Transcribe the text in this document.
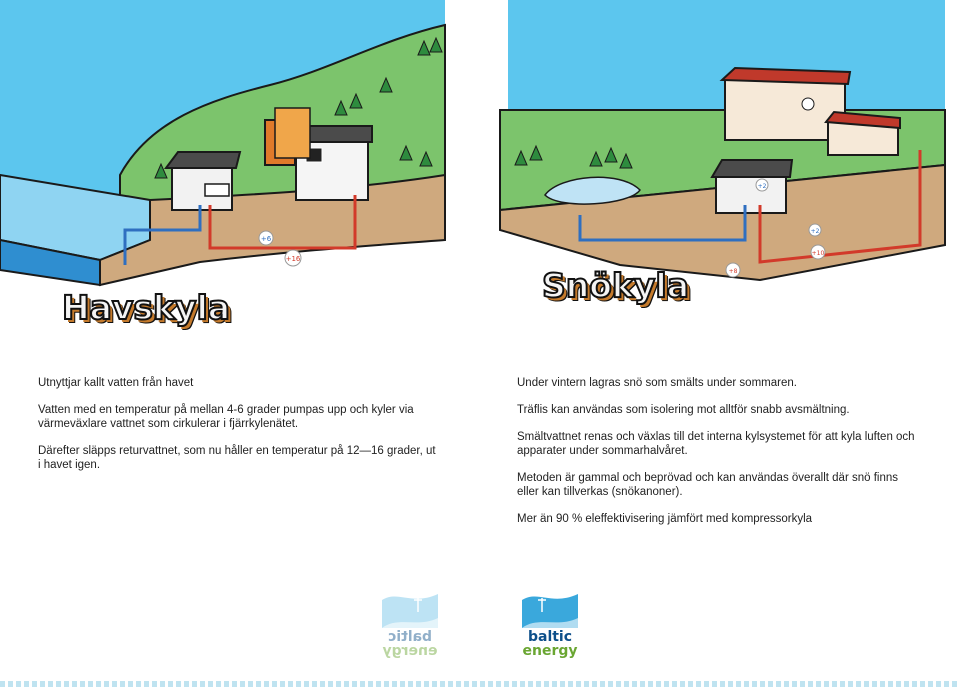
+6
+16
+2
+2
+10
+8
Havskyla
Snökyla

Utnyttjar kallt vatten från havet

Vatten med en temperatur på mellan 4-6 grader pumpas upp och kyler via värmeväxlare vattnet som cirkulerar i fjärrkylenätet.

Därefter släpps returvattnet, som nu håller en temperatur på 12—16 grader, ut i havet igen.

Under vintern lagras snö som smälts under sommaren.

Träflis kan användas som isolering mot alltför snabb avsmältning.

Smältvattnet renas och växlas till det interna kylsystemet för att kyla luften och apparater under sommarhalvåret.

Metoden är gammal och beprövad och kan användas överallt där snö finns eller kan tillverkas (snökanoner).

Mer än 90 % eleffektivisering jämfört med kompressorkyla

baltic
energy
baltic
energy
